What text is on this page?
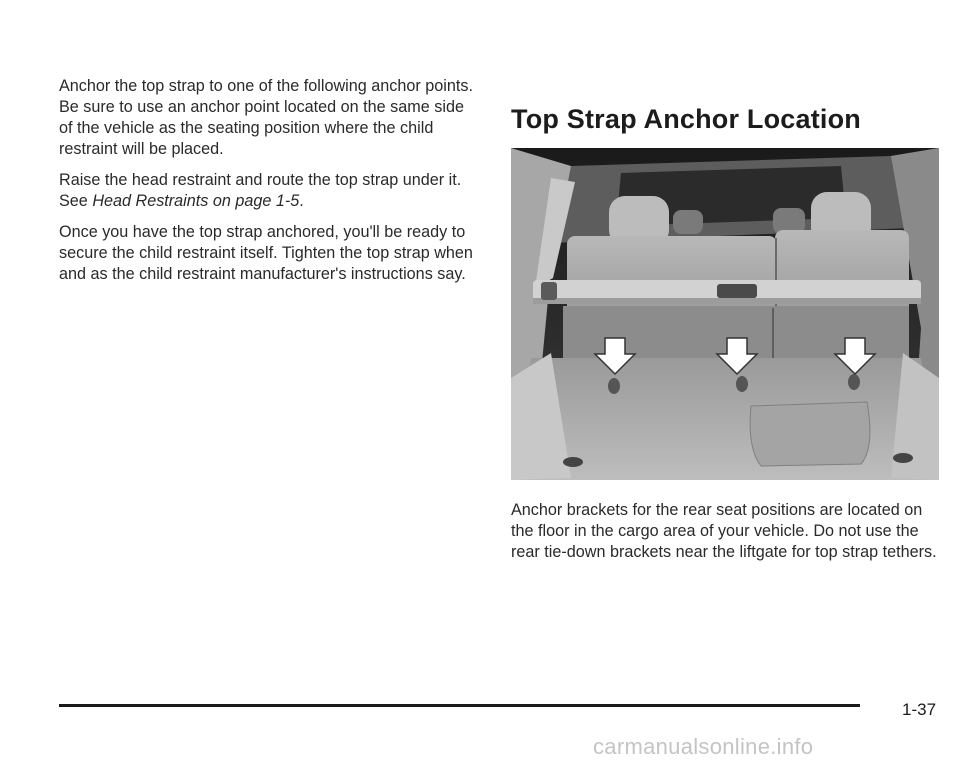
Anchor the top strap to one of the following anchor points. Be sure to use an anchor point located on the same side of the vehicle as the seating position where the child restraint will be placed.

Raise the head restraint and route the top strap under it. See Head Restraints on page 1-5.

Once you have the top strap anchored, you'll be ready to secure the child restraint itself. Tighten the top strap when and as the child restraint manufacturer's instructions say.

Top Strap Anchor Location

Anchor brackets for the rear seat positions are located on the floor in the cargo area of your vehicle. Do not use the rear tie-down brackets near the liftgate for top strap tethers.

1-37
carmanualsonline.info
